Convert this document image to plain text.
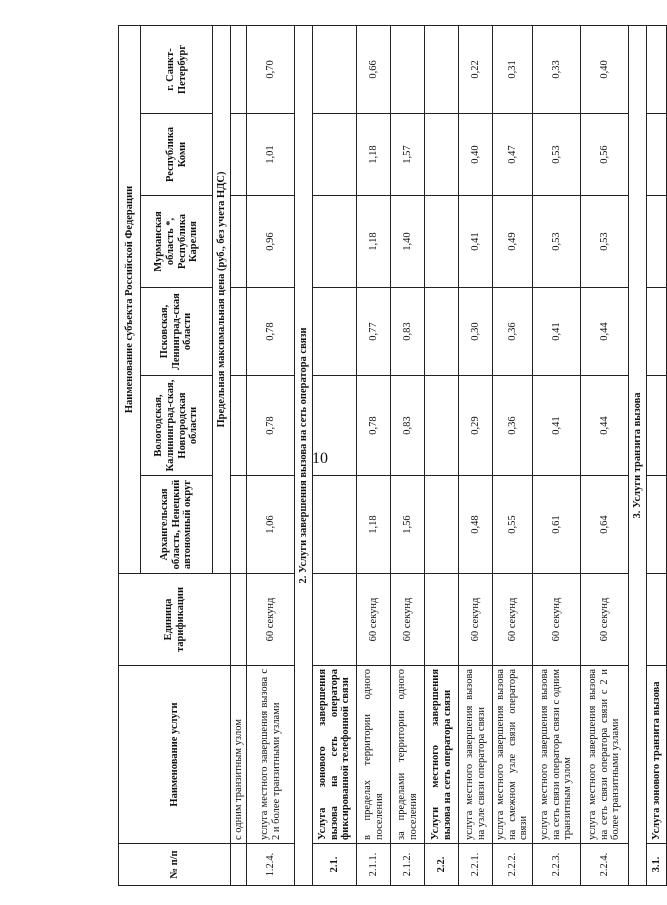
10
№ п/п	Наименование услуги	Единица тарификации	Наименование субъекта Российской Федерации					
			Архангельская область, Ненецкий автономный округ	Вологодская, Калининград-ская, Новгородская области	Псковская, Ленинград-ская области	Мурманская область *, Республика Карелия	Республика Коми	г. Санкт-Петербург
			Предельная максимальная цена (руб., без учета НДС)					
	с одним транзитным узлом							
1.2.4.	услуга местного завершения вызова с 2 и более транзитными узлами	60 секунд	1,06	0,78	0,78	0,96	1,01	0,70
2. Услуги завершения вызова на сеть оператора связи								
2.1.	Услуга зонового завершения вызова на сеть оператора фиксированной телефонной связи							
2.1.1.	в пределах территории одного поселения	60 секунд	1,18	0,78	0,77	1,18	1,18	0,66
2.1.2.	за пределами территории одного поселения	60 секунд	1,56	0,83	0,83	1,40	1,57	
2.2.	Услуги местного завершения вызова на сеть оператора связи							
2.2.1.	услуга местного завершения вызова на узле связи оператора связи	60 секунд	0,48	0,29	0,30	0,41	0,40	0,22
2.2.2.	услуга местного завершения вызова на смежном узле связи оператора связи	60 секунд	0,55	0,36	0,36	0,49	0,47	0,31
2.2.3.	услуга местного завершения вызова на сеть связи оператора связи с одним транзитным узлом	60 секунд	0,61	0,41	0,41	0,53	0,53	0,33
2.2.4.	услуга местного завершения вызова на сеть связи оператора связи с 2 и более транзитными узлами	60 секунд	0,64	0,44	0,44	0,53	0,56	0,40
3. Услуги транзита вызова								
3.1.	Услуга зонового транзита вызова							
